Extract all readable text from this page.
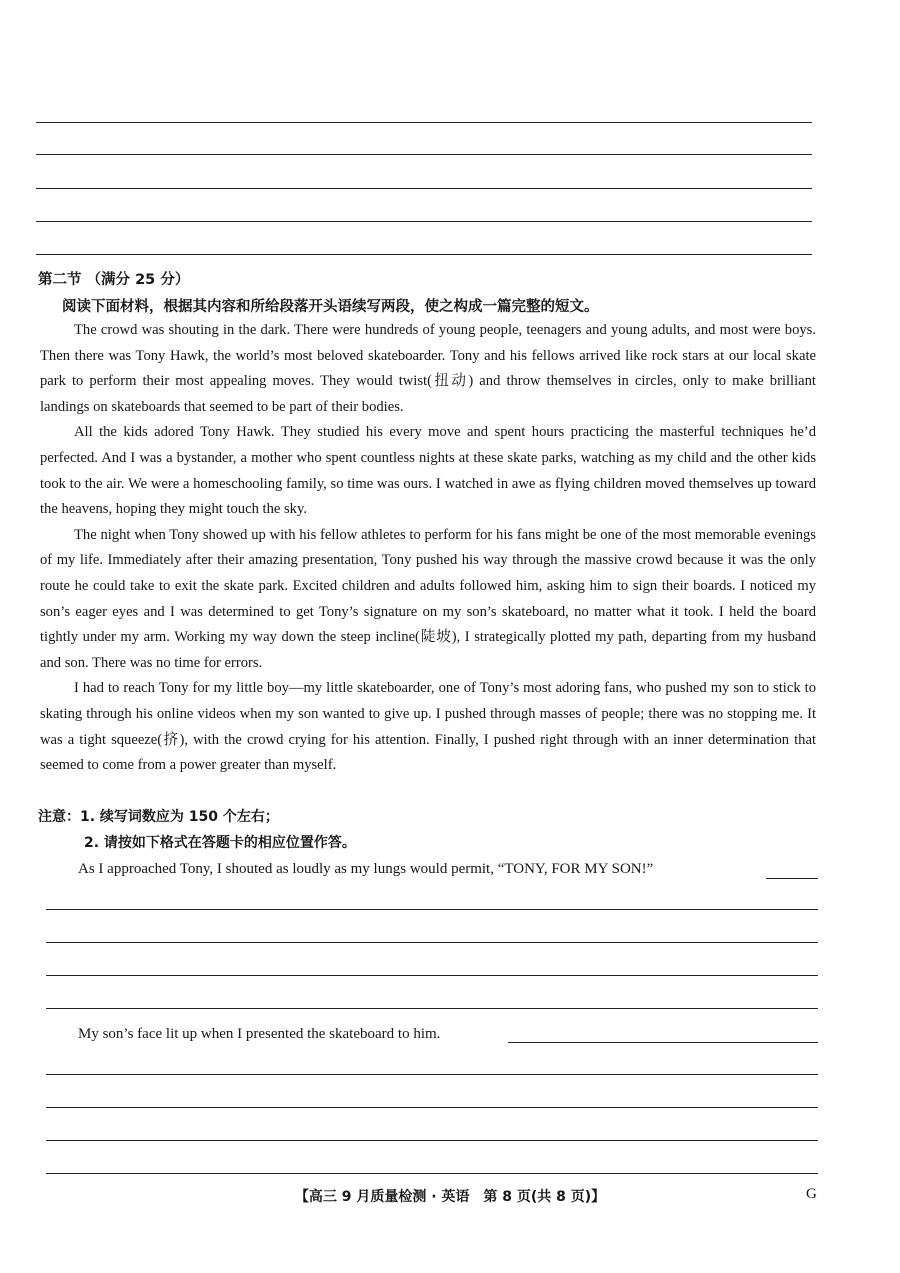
第二节 （满分 25 分）
阅读下面材料，根据其内容和所给段落开头语续写两段，使之构成一篇完整的短文。

The crowd was shouting in the dark. There were hundreds of young people, teenagers and young adults, and most were boys. Then there was Tony Hawk, the world’s most beloved skateboarder. Tony and his fellows arrived like rock stars at our local skate park to perform their most appealing moves. They would twist(扭动) and throw themselves in circles, only to make brilliant landings on skateboards that seemed to be part of their bodies.

All the kids adored Tony Hawk. They studied his every move and spent hours practicing the masterful techniques he’d perfected. And I was a bystander, a mother who spent countless nights at these skate parks, watching as my child and the other kids took to the air. We were a homeschooling family, so time was ours. I watched in awe as flying children moved themselves up toward the heavens, hoping they might touch the sky.

The night when Tony showed up with his fellow athletes to perform for his fans might be one of the most memorable evenings of my life. Immediately after their amazing presentation, Tony pushed his way through the massive crowd because it was the only route he could take to exit the skate park. Excited children and adults followed him, asking him to sign their boards. I noticed my son’s eager eyes and I was determined to get Tony’s signature on my son’s skateboard, no matter what it took. I held the board tightly under my arm. Working my way down the steep incline(陡坡), I strategically plotted my path, departing from my husband and son. There was no time for errors.

I had to reach Tony for my little boy—my little skateboarder, one of Tony’s most adoring fans, who pushed my son to stick to skating through his online videos when my son wanted to give up. I pushed through masses of people; there was no stopping me. It was a tight squeeze(挤), with the crowd crying for his attention. Finally, I pushed right through with an inner determination that seemed to come from a power greater than myself.

注意：1. 续写词数应为 150 个左右；
2. 请按如下格式在答题卡的相应位置作答。
As I approached Tony, I shouted as loudly as my lungs would permit, “TONY, FOR MY SON!”
My son’s face lit up when I presented the skateboard to him.
【高三 9 月质量检测 · 英语　第 8 页(共 8 页)】	G
